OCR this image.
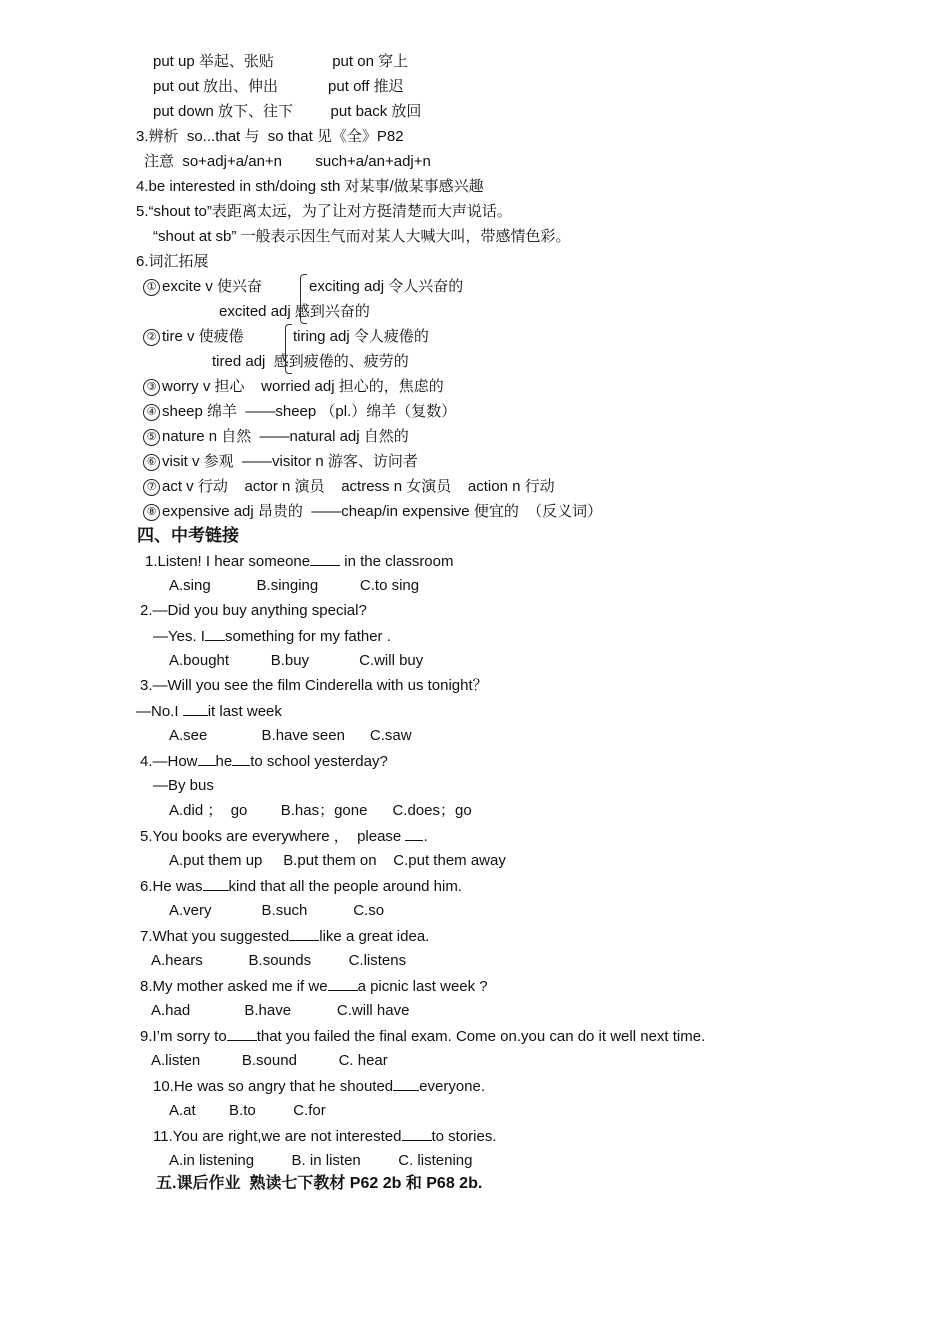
put up 举起、张贴              put on 穿上
put out 放出、伸出            put off 推迟
put down 放下、往下         put back 放回
3.辨析  so...that 与  so that 见《全》P82
注意  so+adj+a/an+n        such+a/an+adj+n
4.be interested in sth/doing sth 对某事/做某事感兴趣
5.“shout to”表距离太远，为了让对方挺清楚而大声说话。
“shout at sb” 一般表示因生气而对某人大喊大叫，带感情色彩。
6.词汇拓展
① excite v 使兴奋	exciting adj 令人兴奋的
excited adj 感到兴奋的
② tire v 使疲倦	tiring adj 令人疲倦的
tired adj  感到疲倦的、疲劳的
③ worry v 担心    worried adj 担心的，焦虑的
④ sheep 绵羊  ——sheep （pl.）绵羊（复数）
⑤ nature n 自然  ——natural adj 自然的
⑥ visit v 参观  ——visitor n 游客、访问者
⑦ act v 行动    actor n 演员    actress n 女演员    action n 行动
⑧ expensive adj 昂贵的  ——cheap/in expensive 便宜的  （反义词）
四、中考链接
1.Listen! I hear someone in the classroom
A.sing           B.singing          C.to sing
2.—Did you buy anything special?
—Yes. I something for my father .
A.bought          B.buy            C.will buy
3.—Will you see the film Cinderella with us tonight？
—No.I it last week
A.see             B.have seen      C.saw
4.—How he to school yesterday?
—By bus
A.did ；  go        B.has；gone      C.does；go
5.You books are everywhere ，  please .
A.put them up     B.put them on    C.put them away
6.He was kind that all the people around him.
A.very            B.such           C.so
7.What you suggested like a great idea.
A.hears           B.sounds         C.listens
8.My mother asked me if we a picnic last week ?
A.had             B.have           C.will have
9.I’m sorry to that you failed the final exam. Come on.you can do it well next time.
A.listen          B.sound          C. hear
10.He was so angry that he shouted everyone.
A.at        B.to         C.for
11.You are right,we are not interested to stories.
A.in listening         B. in listen         C. listening
五.课后作业  熟读七下教材 P62 2b 和 P68 2b.
